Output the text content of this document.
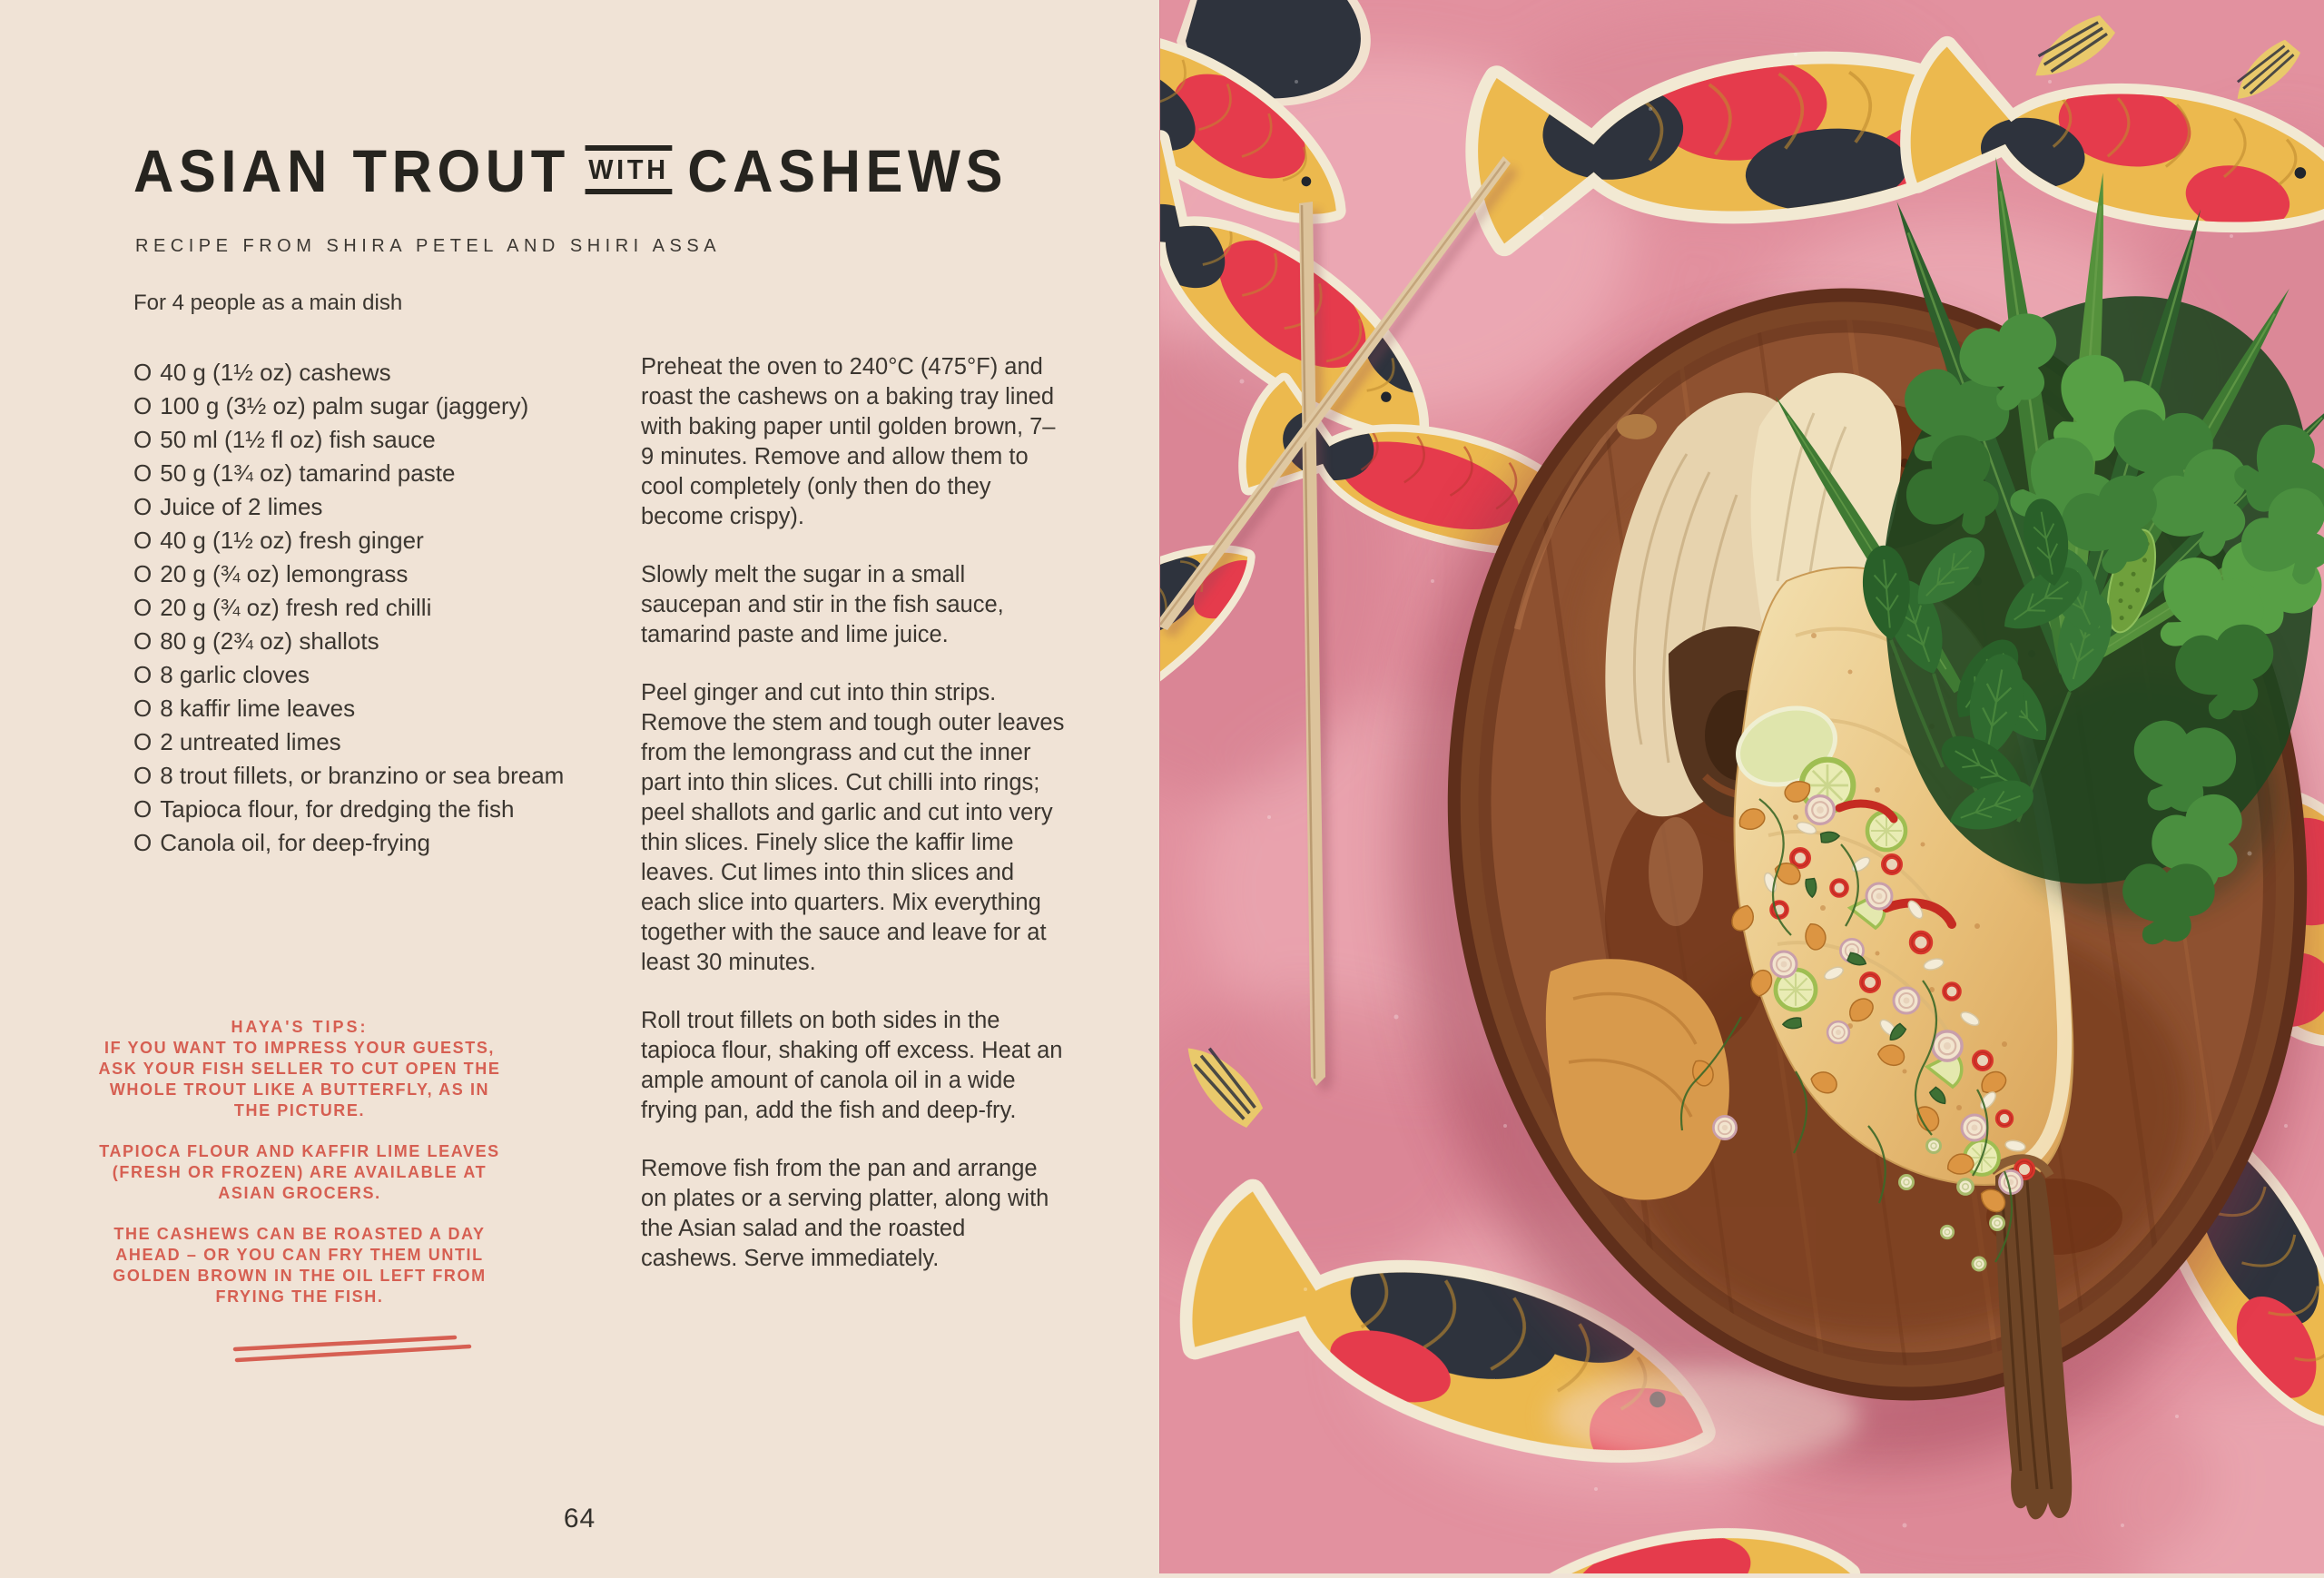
ASIAN TROUT WITH CASHEWS
RECIPE FROM SHIRA PETEL AND SHIRI ASSA
For 4 people as a main dish
O 40 g (1½ oz) cashews
O 100 g (3½ oz) palm sugar (jaggery)
O 50 ml (1½ fl oz) fish sauce
O 50 g (1¾ oz) tamarind paste
O Juice of 2 limes
O 40 g (1½ oz) fresh ginger
O 20 g (¾ oz) lemongrass
O 20 g (¾ oz) fresh red chilli
O 80 g (2¾ oz) shallots
O 8 garlic cloves
O 8 kaffir lime leaves
O 2 untreated limes
O 8 trout fillets, or branzino or sea bream
O Tapioca flour, for dredging the fish
O Canola oil, for deep-frying
Preheat the oven to 240°C (475°F) and roast the cashews on a baking tray lined with baking paper until golden brown, 7–9 minutes. Remove and allow them to cool completely (only then do they become crispy).
Slowly melt the sugar in a small saucepan and stir in the fish sauce, tamarind paste and lime juice.
Peel ginger and cut into thin strips. Remove the stem and tough outer leaves from the lemongrass and cut the inner part into thin slices. Cut chilli into rings; peel shallots and garlic and cut into very thin slices. Finely slice the kaffir lime leaves. Cut limes into thin slices and each slice into quarters. Mix everything together with the sauce and leave for at least 30 minutes.
Roll trout fillets on both sides in the tapioca flour, shaking off excess. Heat an ample amount of canola oil in a wide frying pan, add the fish and deep-fry.
Remove fish from the pan and arrange on plates or a serving platter, along with the Asian salad and the roasted cashews. Serve immediately.
HAYA'S TIPS:
IF YOU WANT TO IMPRESS YOUR GUESTS, ASK YOUR FISH SELLER TO CUT OPEN THE WHOLE TROUT LIKE A BUTTERFLY, AS IN THE PICTURE.
TAPIOCA FLOUR AND KAFFIR LIME LEAVES (FRESH OR FROZEN) ARE AVAILABLE AT ASIAN GROCERS.
THE CASHEWS CAN BE ROASTED A DAY AHEAD – OR YOU CAN FRY THEM UNTIL GOLDEN BROWN IN THE OIL LEFT FROM FRYING THE FISH.
64
